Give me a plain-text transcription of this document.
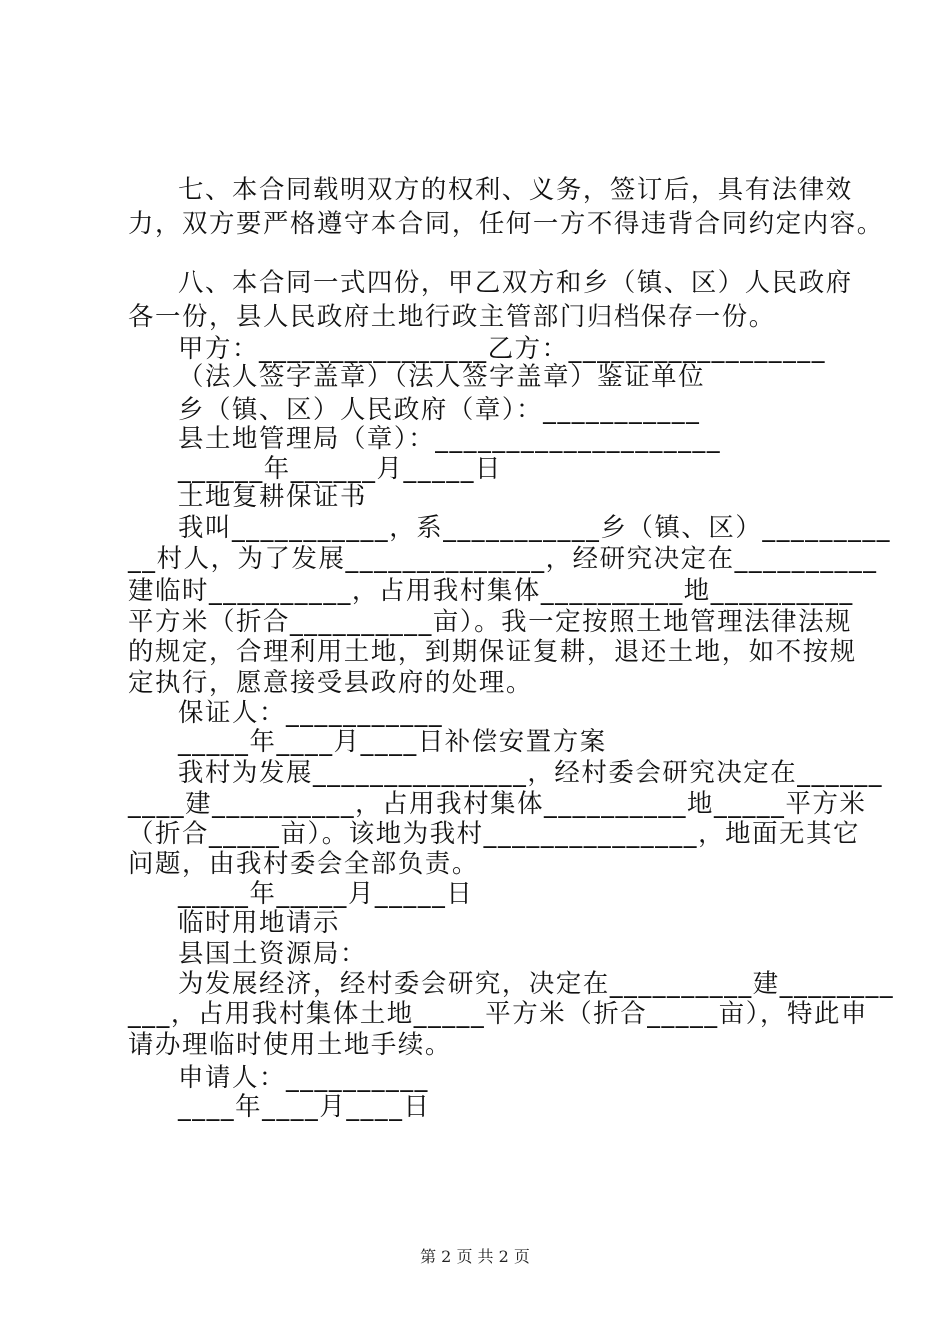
七、本合同载明双方的权利、义务，签订后，具有法律效
力，双方要严格遵守本合同，任何一方不得违背合同约定内容。
八、本合同一式四份，甲乙双方和乡（镇、区）人民政府
各一份，县人民政府土地行政主管部门归档保存一份。
甲方：________________乙方：__________________
（法人签字盖章）（法人签字盖章）鉴证单位
乡（镇、区）人民政府（章）：___________
县土地管理局（章）：____________________
______年______月_____日
土地复耕保证书
我叫___________，系___________乡（镇、区）_________
__村人，为了发展______________，经研究决定在__________
建临时__________，占用我村集体__________地__________
平方米（折合__________亩）。我一定按照土地管理法律法规
的规定，合理利用土地，到期保证复耕，退还土地，如不按规
定执行，愿意接受县政府的处理。
保证人：___________
_____年____月____日补偿安置方案
我村为发展_______________，经村委会研究决定在______
____建__________，占用我村集体__________地_____平方米
（折合_____亩）。该地为我村_______________，地面无其它
问题，由我村委会全部负责。
_____年_____月_____日
临时用地请示
县国土资源局：
为发展经济，经村委会研究，决定在__________建________
___，占用我村集体土地_____平方米（折合_____亩），特此申
请办理临时使用土地手续。
申请人：__________
____年____月____日
第 2 页 共 2 页
